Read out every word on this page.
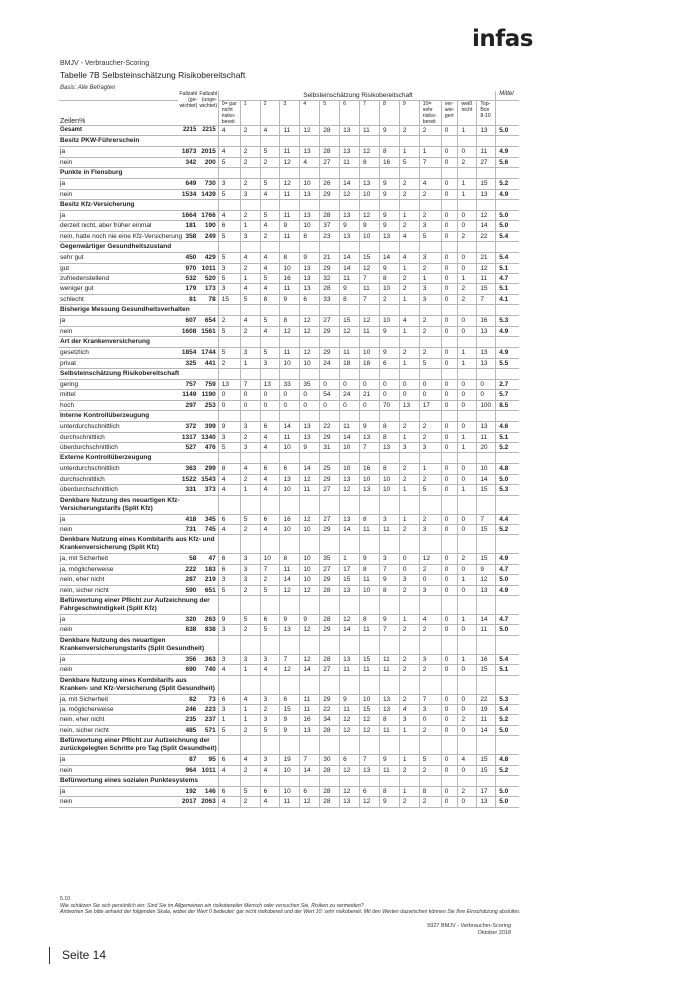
infas
BMJV - Verbraucher-Scoring
Tabelle 7B Selbsteinschätzung Risikobereitschaft
Basis: Alle Befragten
	Fallzahl (ge-wichtet)	Fallzahl (unge-wichtet)	Selbsteinschätzung Risikobereitschaft														Mittel
Zeilen%			0= gar nicht risiko-bereit	1	2	3	4	5	6	7	8	9	10= sehr risiko-bereit	ver-wei-gert	weiß nicht	Top-Box 8-10	
Gesamt	2215	2215	4	2	4	11	12	28	13	11	9	2	2	0	1	13	5.0
Besitz PKW-Führerschein																	
ja	1873	2015	4	2	5	11	13	28	13	12	8	1	1	0	0	11	4.9
nein	342	200	5	2	2	12	4	27	11	8	16	5	7	0	2	27	5.6
Punkte in Flensburg																	
ja	649	730	3	2	5	12	10	26	14	13	9	2	4	0	1	15	5.2
nein	1534	1439	5	3	4	11	13	29	12	10	9	2	2	0	1	13	4.9
Besitz Kfz-Versicherung																	
ja	1664	1766	4	2	5	11	13	28	13	12	9	1	2	0	0	12	5.0
derzeit nicht, aber früher einmal	181	190	6	1	4	9	10	37	9	9	9	2	3	0	0	14	5.0
nein, hatte noch nie eine Kfz-Versicherung	358	249	5	3	2	11	8	23	13	10	13	4	5	0	2	22	5.4
Gegenwärtiger Gesundheitszustand																	
sehr gut	450	429	5	4	4	8	9	21	14	15	14	4	3	0	0	21	5.4
gut	970	1011	3	2	4	10	13	29	14	12	9	1	2	0	0	12	5.1
zufriedenstellend	532	520	5	1	5	16	13	32	11	7	8	2	1	0	1	11	4.7
weniger gut	179	173	3	4	4	11	13	28	9	11	10	2	3	0	2	15	5.1
schlecht	81	78	15	5	8	9	6	33	8	7	2	1	3	0	2	7	4.1
Bisherige Messung Gesundheitsverhalten																	
ja	607	654	2	4	5	8	12	27	15	12	10	4	2	0	0	16	5.3
nein	1608	1561	5	2	4	12	12	29	12	11	9	1	2	0	0	13	4.9
Art der Krankenversicherung																	
gesetzlich	1854	1744	5	3	5	11	12	29	11	10	9	2	2	0	1	13	4.9
privat	325	441	2	1	3	10	10	24	18	18	6	1	5	0	1	13	5.5
Selbsteinschätzung Risikobereitschaft																	
gering	757	759	13	7	13	33	35	0	0	0	0	0	0	0	0	0	2.7
mittel	1149	1190	0	0	0	0	0	54	24	21	0	0	0	0	0	0	5.7
hoch	297	253	0	0	0	0	0	0	0	0	70	13	17	0	0	100	8.5
Interne Kontrollüberzeugung																	
unterdurchschnittlich	372	399	9	3	6	14	13	22	11	9	8	2	2	0	0	13	4.6
durchschnittlich	1317	1340	3	2	4	11	13	29	14	13	8	1	2	0	1	11	5.1
überdurchschnittlich	527	476	5	3	4	10	9	31	10	7	13	3	3	0	1	20	5.2
Externe Kontrollüberzeugung																	
unterdurchschnittlich	363	299	8	4	6	6	14	25	10	16	8	2	1	0	0	10	4.8
durchschnittlich	1522	1543	4	2	4	13	12	29	13	10	10	2	2	0	0	14	5.0
überdurchschnittlich	331	373	4	1	4	10	11	27	12	13	10	1	5	0	1	15	5.3
Denkbare Nutzung des neuartigen Kfz-Versicherungstarifs (Split Kfz)																	
ja	418	345	6	5	6	16	12	27	13	8	3	1	2	0	0	7	4.4
nein	731	745	4	2	4	10	10	29	14	11	11	2	3	0	0	15	5.2
Denkbare Nutzung eines Kombitarifs aus Kfz- und Krankenversicherung (Split Kfz)																	
ja, mit Sicherheit	58	47	6	3	10	8	10	35	1	9	3	0	12	0	2	15	4.9
ja, möglicherweise	222	183	6	3	7	11	10	27	17	8	7	0	2	0	0	9	4.7
nein, eher nicht	287	219	3	3	2	14	10	29	15	11	9	3	0	0	1	12	5.0
nein, sicher nicht	590	651	5	2	5	12	12	28	13	10	8	2	3	0	0	13	4.9
Befürwortung einer Pflicht zur Aufzeichnung der Fahrgeschwindigkeit (Split Kfz)																	
ja	320	263	9	5	6	9	9	28	12	8	9	1	4	0	1	14	4.7
nein	838	838	3	2	5	13	12	29	14	11	7	2	2	0	0	11	5.0
Denkbare Nutzung des neuartigen Krankenversicherungstarifs (Split Gesundheit)																	
ja	356	363	3	3	3	7	12	28	13	15	11	2	3	0	1	16	5.4
nein	690	740	4	1	4	12	14	27	11	11	11	2	2	0	0	15	5.1
Denkbare Nutzung eines Kombitarifs aus Kranken- und Kfz-Versicherung (Split Gesundheit)																	
ja, mit Sicherheit	82	73	6	4	3	6	11	29	9	10	13	2	7	0	0	22	5.3
ja, möglicherweise	246	223	3	1	2	15	11	22	11	15	13	4	3	0	0	19	5.4
nein, eher nicht	235	237	1	1	3	9	16	34	12	12	8	3	0	0	2	11	5.2
nein, sicher nicht	485	571	5	2	5	9	13	28	12	12	11	1	2	0	0	14	5.0
Befürwortung einer Pflicht zur Aufzeichnung der zurückgelegten Schritte pro Tag (Split Gesundheit)																	
ja	87	95	6	4	3	19	7	30	6	7	9	1	5	0	4	15	4.8
nein	964	1011	4	2	4	10	14	28	12	13	11	2	2	0	0	15	5.2
Befürwortung eines sozialen Punktesystems																	
ja	192	146	6	5	6	10	6	28	12	6	8	1	8	0	2	17	5.0
nein	2017	2063	4	2	4	11	12	28	13	12	9	2	2	0	0	13	5.0
5.10
Wie schätzen Sie sich persönlich ein: Sind Sie im Allgemeinen ein risikobereiter Mensch oder versuchen Sie, Risiken zu vermeiden?
Antworten Sie bitte anhand der folgenden Skala, wobei der Wert 0 bedeutet: gar nicht risikobereit und der Wert 10: sehr risikobereit. Mit den Werten dazwischen können Sie Ihre Einschätzung abstufen.
5927 BMJV - Verbraucher-Scoring
Oktober 2018
Seite 14
